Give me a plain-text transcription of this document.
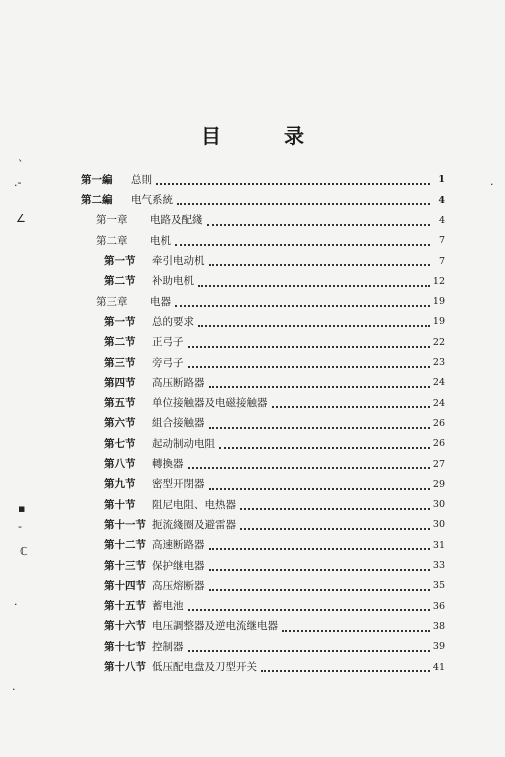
目 录
第一編	总則	1
第二編	电气系統	4
第一章	电路及配綫	4
第二章	电机	7
第一节	牵引电动机	7
第二节	补助电机	12
第三章	电器	19
第一节	总的要求	19
第二节	正弓子	22
第三节	旁弓子	23
第四节	高压断路器	24
第五节	单位接触器及电磁接触器	24
第六节	組合接触器	26
第七节	起动制动电阻	26
第八节	轉換器	27
第九节	密型开閉器	29
第十节	阻尼电阻、电热器	30
第十一节 扼流綫圈及避雷器	30
第十二节 高速断路器	31
第十三节 保护继电器	33
第十四节 高压熔断器	35
第十五节 蓄电池	36
第十六节 电压調整器及逆电流继电器	38
第十七节 控制器	39
第十八节 低压配电盘及刀型开关	41
ˋ
.-
∠
·
▪
-
ℂ
·
·
